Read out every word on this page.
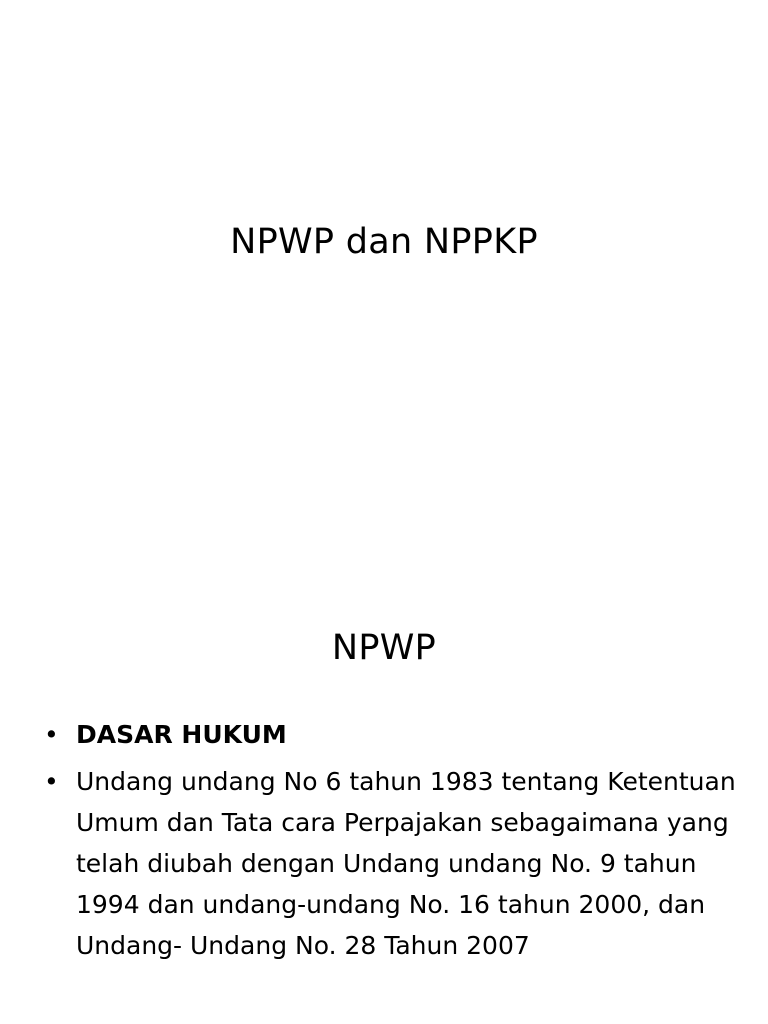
NPWP dan NPPKP
NPWP
• DASAR HUKUM
• Undang undang No 6 tahun 1983 tentang Ketentuan Umum dan Tata cara Perpajakan sebagaimana yang telah diubah dengan Undang undang No. 9 tahun 1994 dan undang-undang No. 16 tahun 2000, dan Undang- Undang No. 28 Tahun 2007
